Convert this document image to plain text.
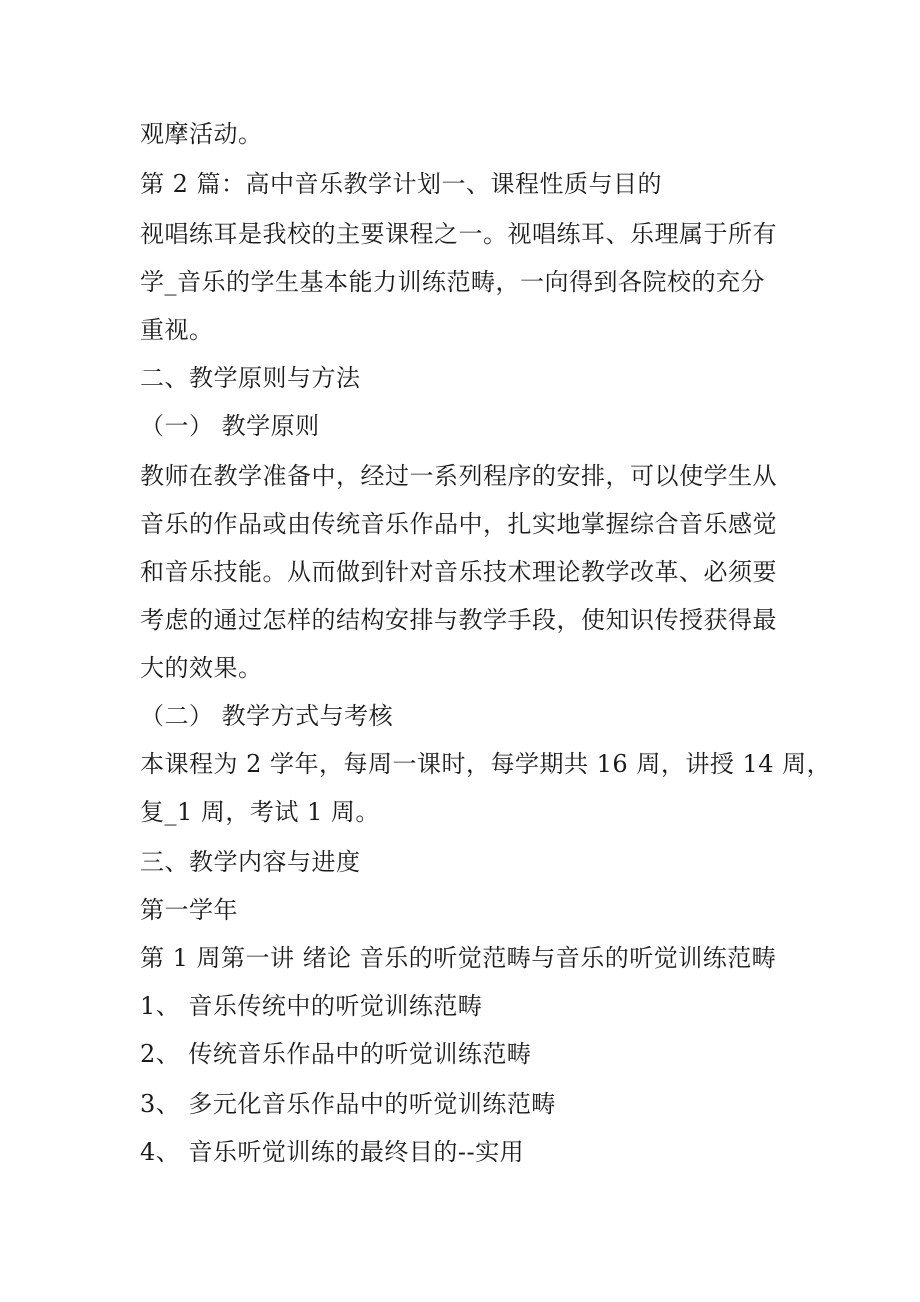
观摩活动。
第 2 篇：高中音乐教学计划一、课程性质与目的
视唱练耳是我校的主要课程之一。视唱练耳、乐理属于所有
学_音乐的学生基本能力训练范畴，一向得到各院校的充分
重视。
二、教学原则与方法
（一） 教学原则
教师在教学准备中，经过一系列程序的安排，可以使学生从
音乐的作品或由传统音乐作品中，扎实地掌握综合音乐感觉
和音乐技能。从而做到针对音乐技术理论教学改革、必须要
考虑的通过怎样的结构安排与教学手段，使知识传授获得最
大的效果。
（二） 教学方式与考核
本课程为 2 学年，每周一课时，每学期共 16 周，讲授 14 周，
复_1 周，考试 1 周。
三、教学内容与进度
第一学年
第 1 周第一讲 绪论 音乐的听觉范畴与音乐的听觉训练范畴
1、 音乐传统中的听觉训练范畴
2、 传统音乐作品中的听觉训练范畴
3、 多元化音乐作品中的听觉训练范畴
4、 音乐听觉训练的最终目的--实用
